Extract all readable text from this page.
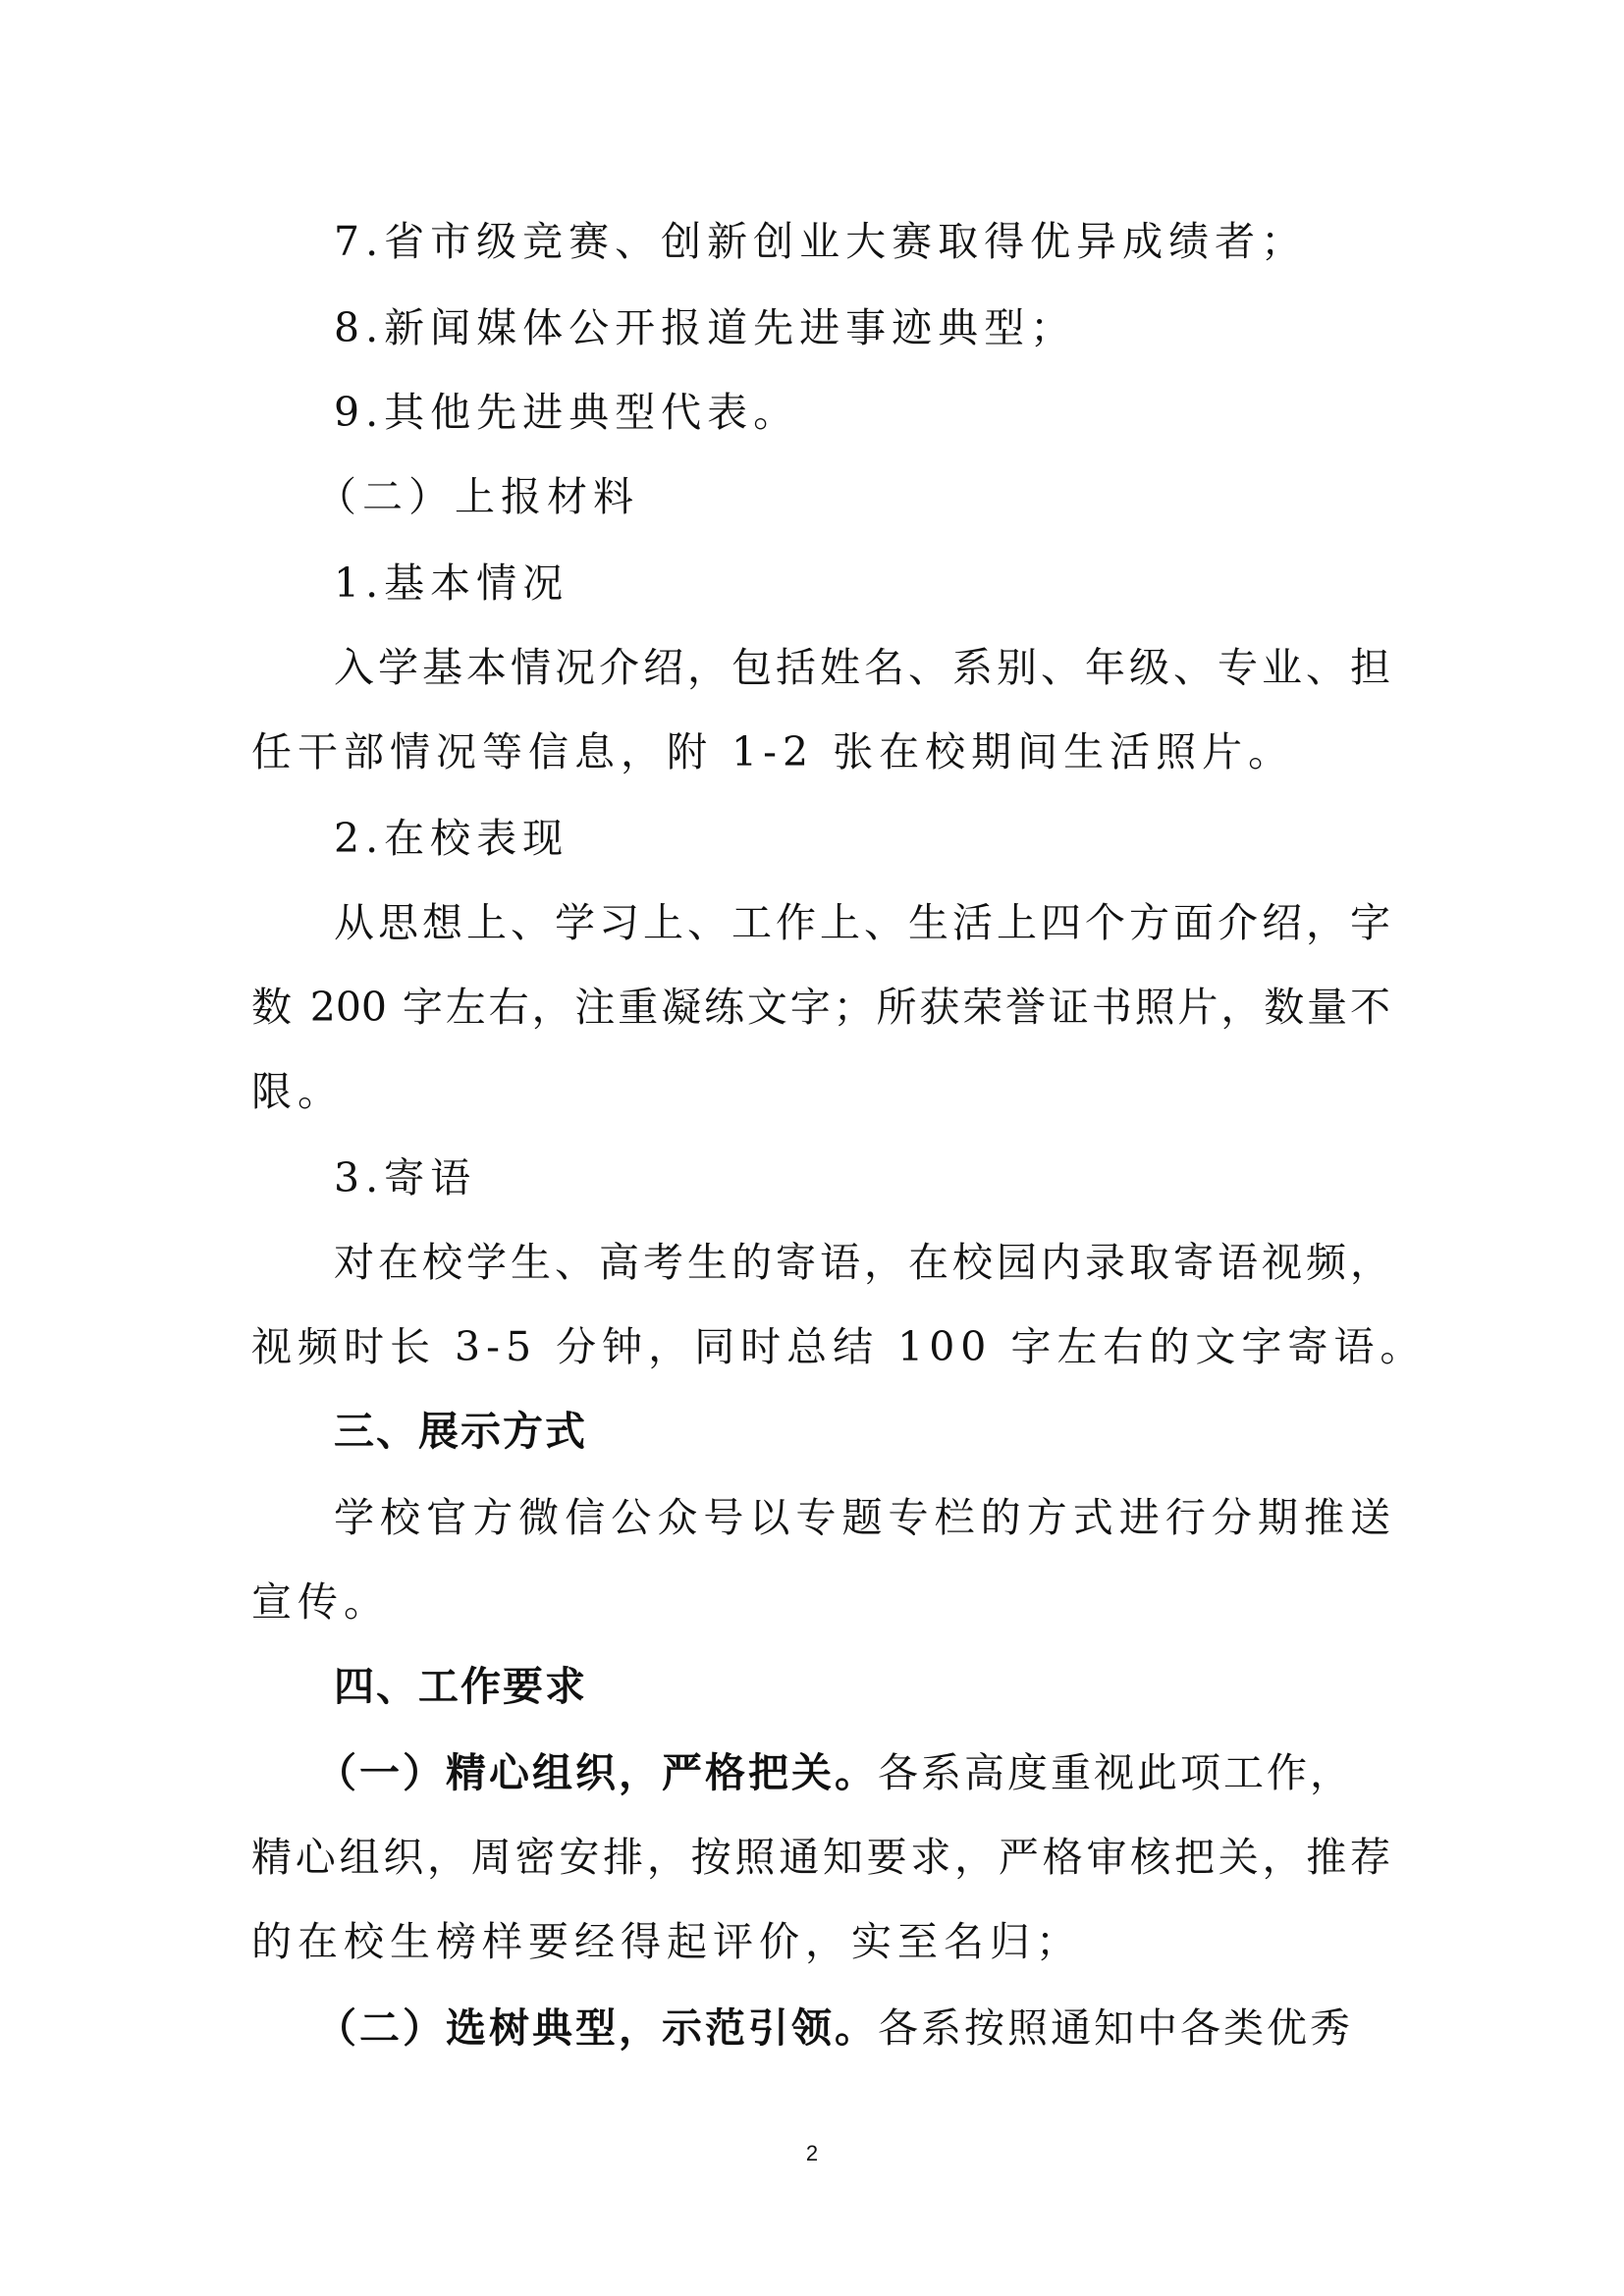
7.省市级竞赛、创新创业大赛取得优异成绩者；
8.新闻媒体公开报道先进事迹典型；
9.其他先进典型代表。
（二）上报材料
1.基本情况
入学基本情况介绍，包括姓名、系别、年级、专业、担
任干部情况等信息，附 1-2 张在校期间生活照片。
2.在校表现
从思想上、学习上、工作上、生活上四个方面介绍，字
数 200 字左右，注重凝练文字；所获荣誉证书照片，数量不
限。
3.寄语
对在校学生、高考生的寄语，在校园内录取寄语视频，
视频时长 3-5 分钟，同时总结 100 字左右的文字寄语。
三、展示方式
学校官方微信公众号以专题专栏的方式进行分期推送
宣传。
四、工作要求
（一）精心组织，严格把关。各系高度重视此项工作，
精心组织，周密安排，按照通知要求，严格审核把关，推荐
的在校生榜样要经得起评价，实至名归；
（二）选树典型，示范引领。各系按照通知中各类优秀
2
